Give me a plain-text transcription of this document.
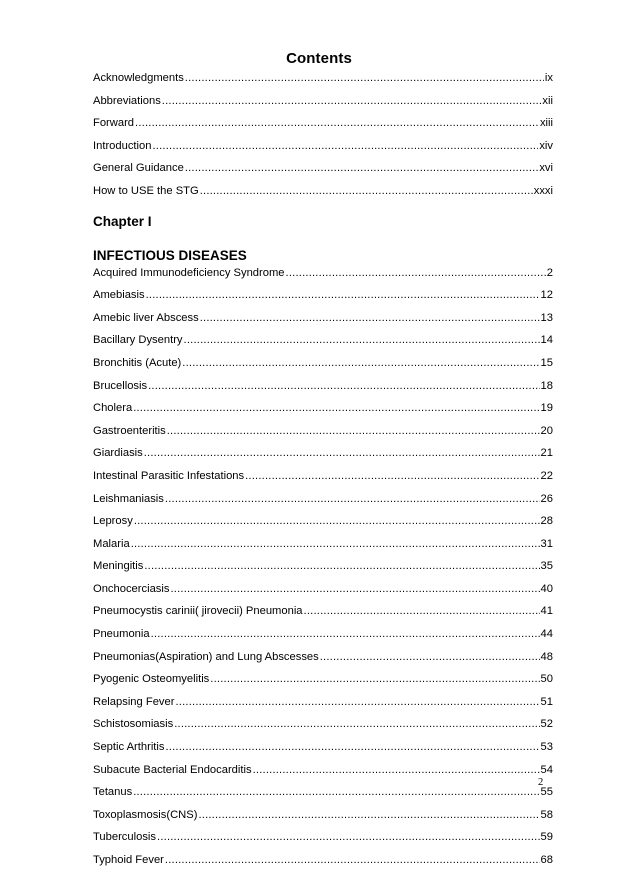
Contents
Acknowledgments .....	ix
Abbreviations .....	xii
Forward .....	xiii
Introduction .....	xiv
General Guidance .....	xvi
How to USE the STG .....	xxxi
Chapter I
INFECTIOUS DISEASES
Acquired Immunodeficiency Syndrome .....	2
Amebiasis .....	12
Amebic liver Abscess .....	13
Bacillary Dysentry .....	14
Bronchitis (Acute) .....	15
Brucellosis .....	18
Cholera .....	19
Gastroenteritis .....	20
Giardiasis .....	21
Intestinal Parasitic Infestations .....	22
Leishmaniasis .....	26
Leprosy .....	28
Malaria .....	31
Meningitis .....	35
Onchocerciasis .....	40
Pneumocystis carinii( jirovecii) Pneumonia .....	41
Pneumonia .....	44
Pneumonias(Aspiration) and Lung Abscesses .....	48
Pyogenic Osteomyelitis .....	50
Relapsing Fever .....	51
Schistosomiasis .....	52
Septic Arthritis .....	53
Subacute Bacterial Endocarditis .....	54
Tetanus .....	55
Toxoplasmosis(CNS) .....	58
Tuberculosis .....	59
Typhoid Fever .....	68
2
